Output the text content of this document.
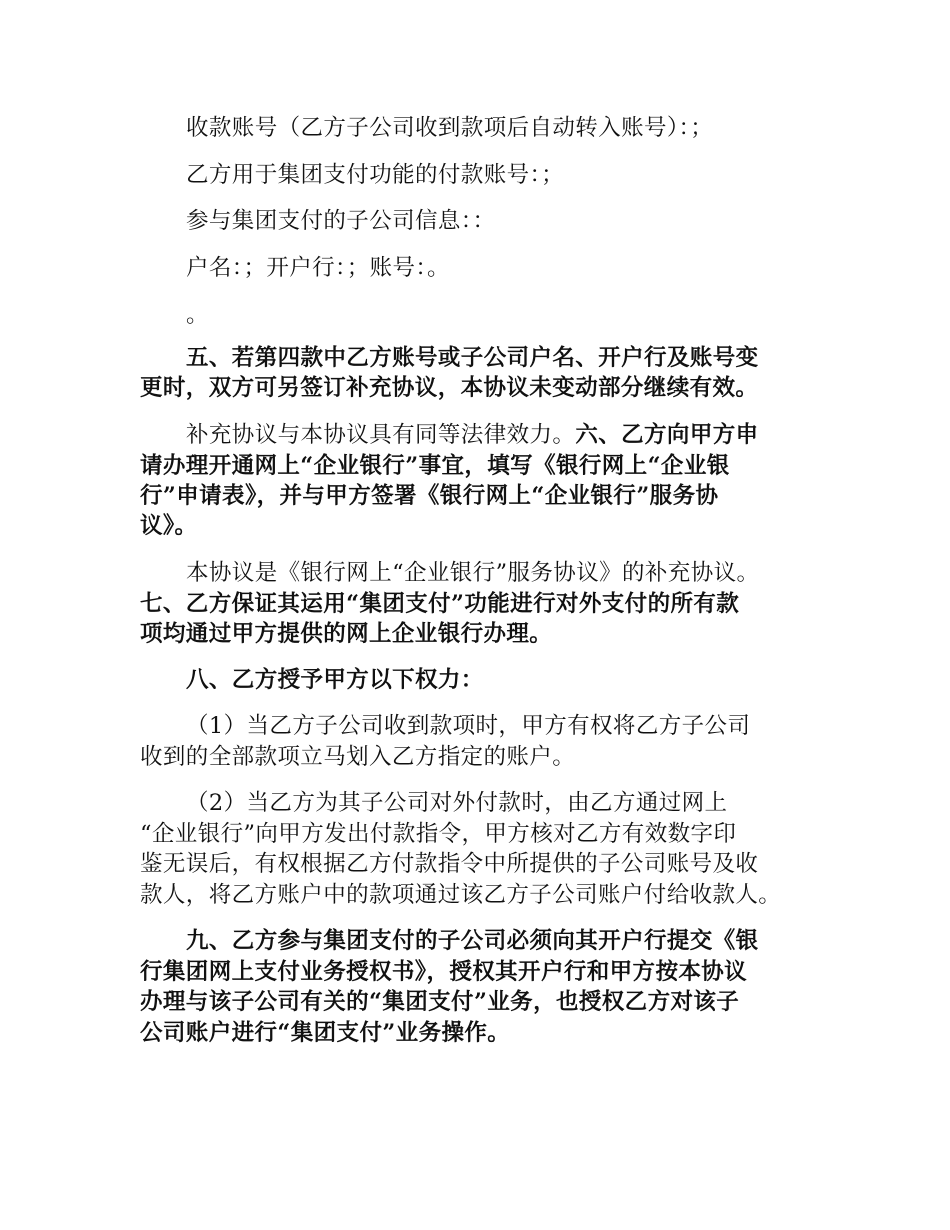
收款账号（乙方子公司收到款项后自动转入账号）：；

乙方用于集团支付功能的付款账号：；

参与集团支付的子公司信息：：

户名：；开户行：；账号：。

。

五、若第四款中乙方账号或子公司户名、开户行及账号变

更时，双方可另签订补充协议，本协议未变动部分继续有效。

补充协议与本协议具有同等法律效力。六、乙方向甲方申

请办理开通网上“企业银行”事宜，填写《银行网上“企业银

行”申请表》，并与甲方签署《银行网上“企业银行”服务协

议》。

本协议是《银行网上“企业银行”服务协议》的补充协议。

七、乙方保证其运用“集团支付”功能进行对外支付的所有款

项均通过甲方提供的网上企业银行办理。

八、乙方授予甲方以下权力：

（1）当乙方子公司收到款项时，甲方有权将乙方子公司

收到的全部款项立马划入乙方指定的账户。

（2）当乙方为其子公司对外付款时，由乙方通过网上

“企业银行”向甲方发出付款指令，甲方核对乙方有效数字印

鉴无误后，有权根据乙方付款指令中所提供的子公司账号及收

款人，将乙方账户中的款项通过该乙方子公司账户付给收款人。

九、乙方参与集团支付的子公司必须向其开户行提交《银

行集团网上支付业务授权书》，授权其开户行和甲方按本协议

办理与该子公司有关的“集团支付”业务，也授权乙方对该子

公司账户进行“集团支付”业务操作。
